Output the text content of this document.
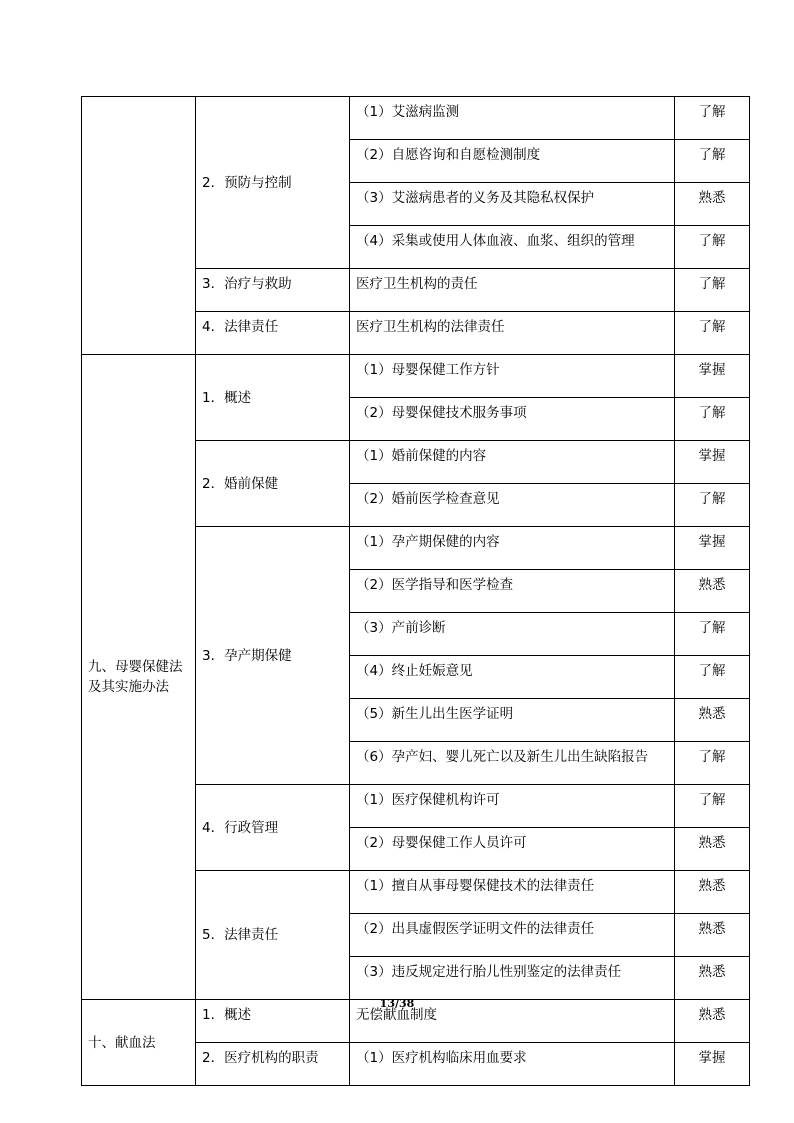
	2．预防与控制	（1）艾滋病监测	了解
		（2）自愿咨询和自愿检测制度	了解
		（3）艾滋病患者的义务及其隐私权保护	熟悉
		（4）采集或使用人体血液、血浆、组织的管理	了解
	3．治疗与救助	医疗卫生机构的责任	了解
	4．法律责任	医疗卫生机构的法律责任	了解
九、母婴保健法及其实施办法	1．概述	（1）母婴保健工作方针	掌握
		（2）母婴保健技术服务事项	了解
	2．婚前保健	（1）婚前保健的内容	掌握
		（2）婚前医学检查意见	了解
	3．孕产期保健	（1）孕产期保健的内容	掌握
		（2）医学指导和医学检查	熟悉
		（3）产前诊断	了解
		（4）终止妊娠意见	了解
		（5）新生儿出生医学证明	熟悉
		（6）孕产妇、婴儿死亡以及新生儿出生缺陷报告	了解
	4．行政管理	（1）医疗保健机构许可	了解
		（2）母婴保健工作人员许可	熟悉
	5．法律责任	（1）擅自从事母婴保健技术的法律责任	熟悉
		（2）出具虚假医学证明文件的法律责任	熟悉
		（3）违反规定进行胎儿性别鉴定的法律责任	熟悉
十、献血法	1．概述	无偿献血制度	熟悉
	2．医疗机构的职责	（1）医疗机构临床用血要求	掌握
13/38
